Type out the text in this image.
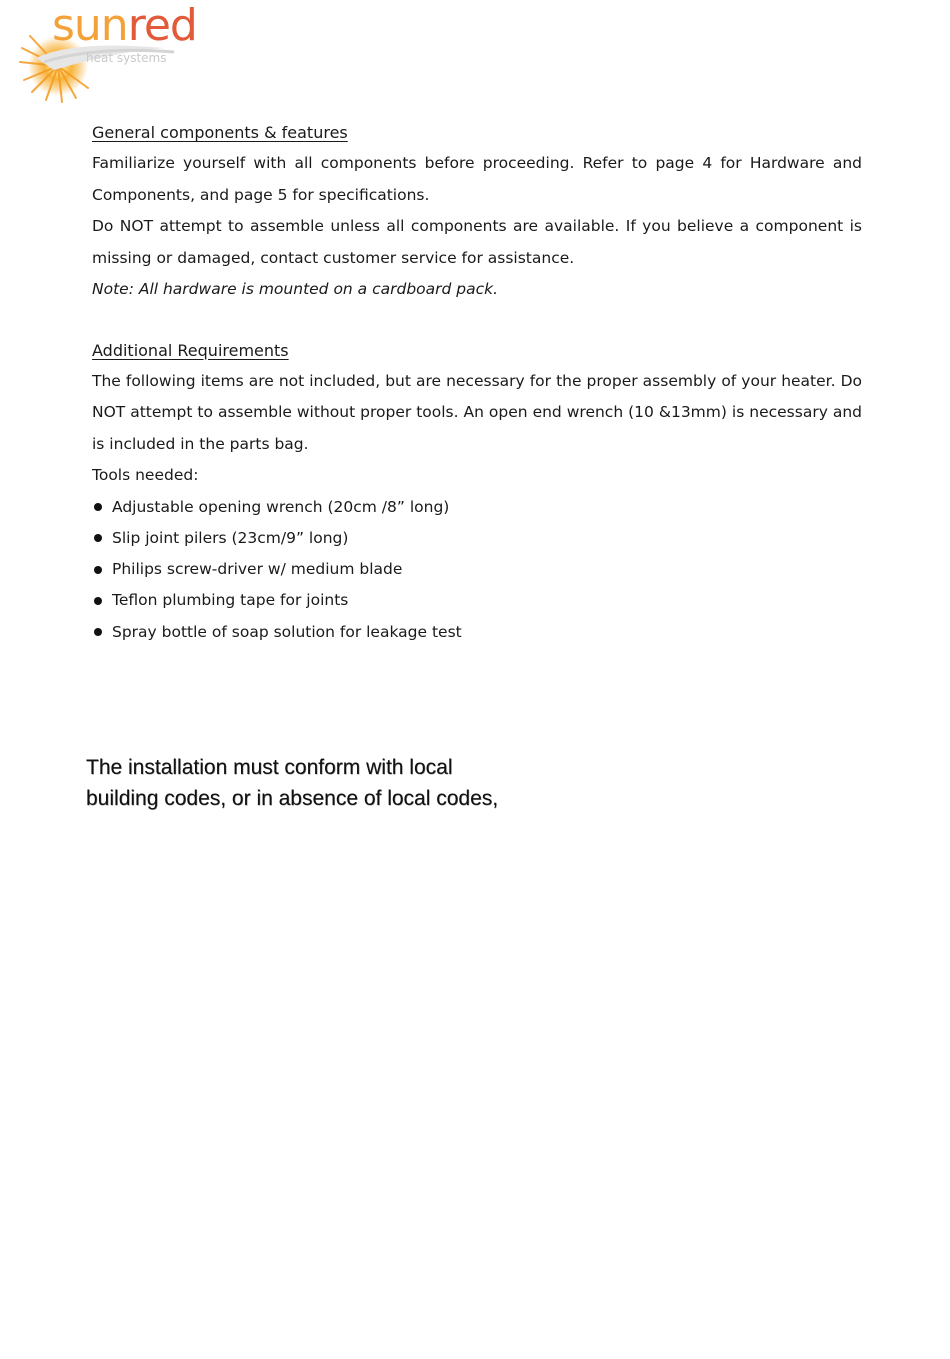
sunred
heat systems
General components & features
Familiarize yourself with all components before proceeding. Refer to page 4 for Hardware and Components, and page 5 for specifications.
Do NOT attempt to assemble unless all components are available. If you believe a component is missing or damaged, contact customer service for assistance.
Note: All hardware is mounted on a cardboard pack.
Additional Requirements
The following items are not included, but are necessary for the proper assembly of your heater. Do NOT attempt to assemble without proper tools. An open end wrench (10 &13mm) is necessary and is included in the parts bag.
Tools needed:
Adjustable opening wrench (20cm /8” long)
Slip joint pilers (23cm/9” long)
Philips screw-driver w/ medium blade
Teflon plumbing tape for joints
Spray bottle of soap solution for leakage test
The installation must conform with local
building codes, or in absence of local codes,
